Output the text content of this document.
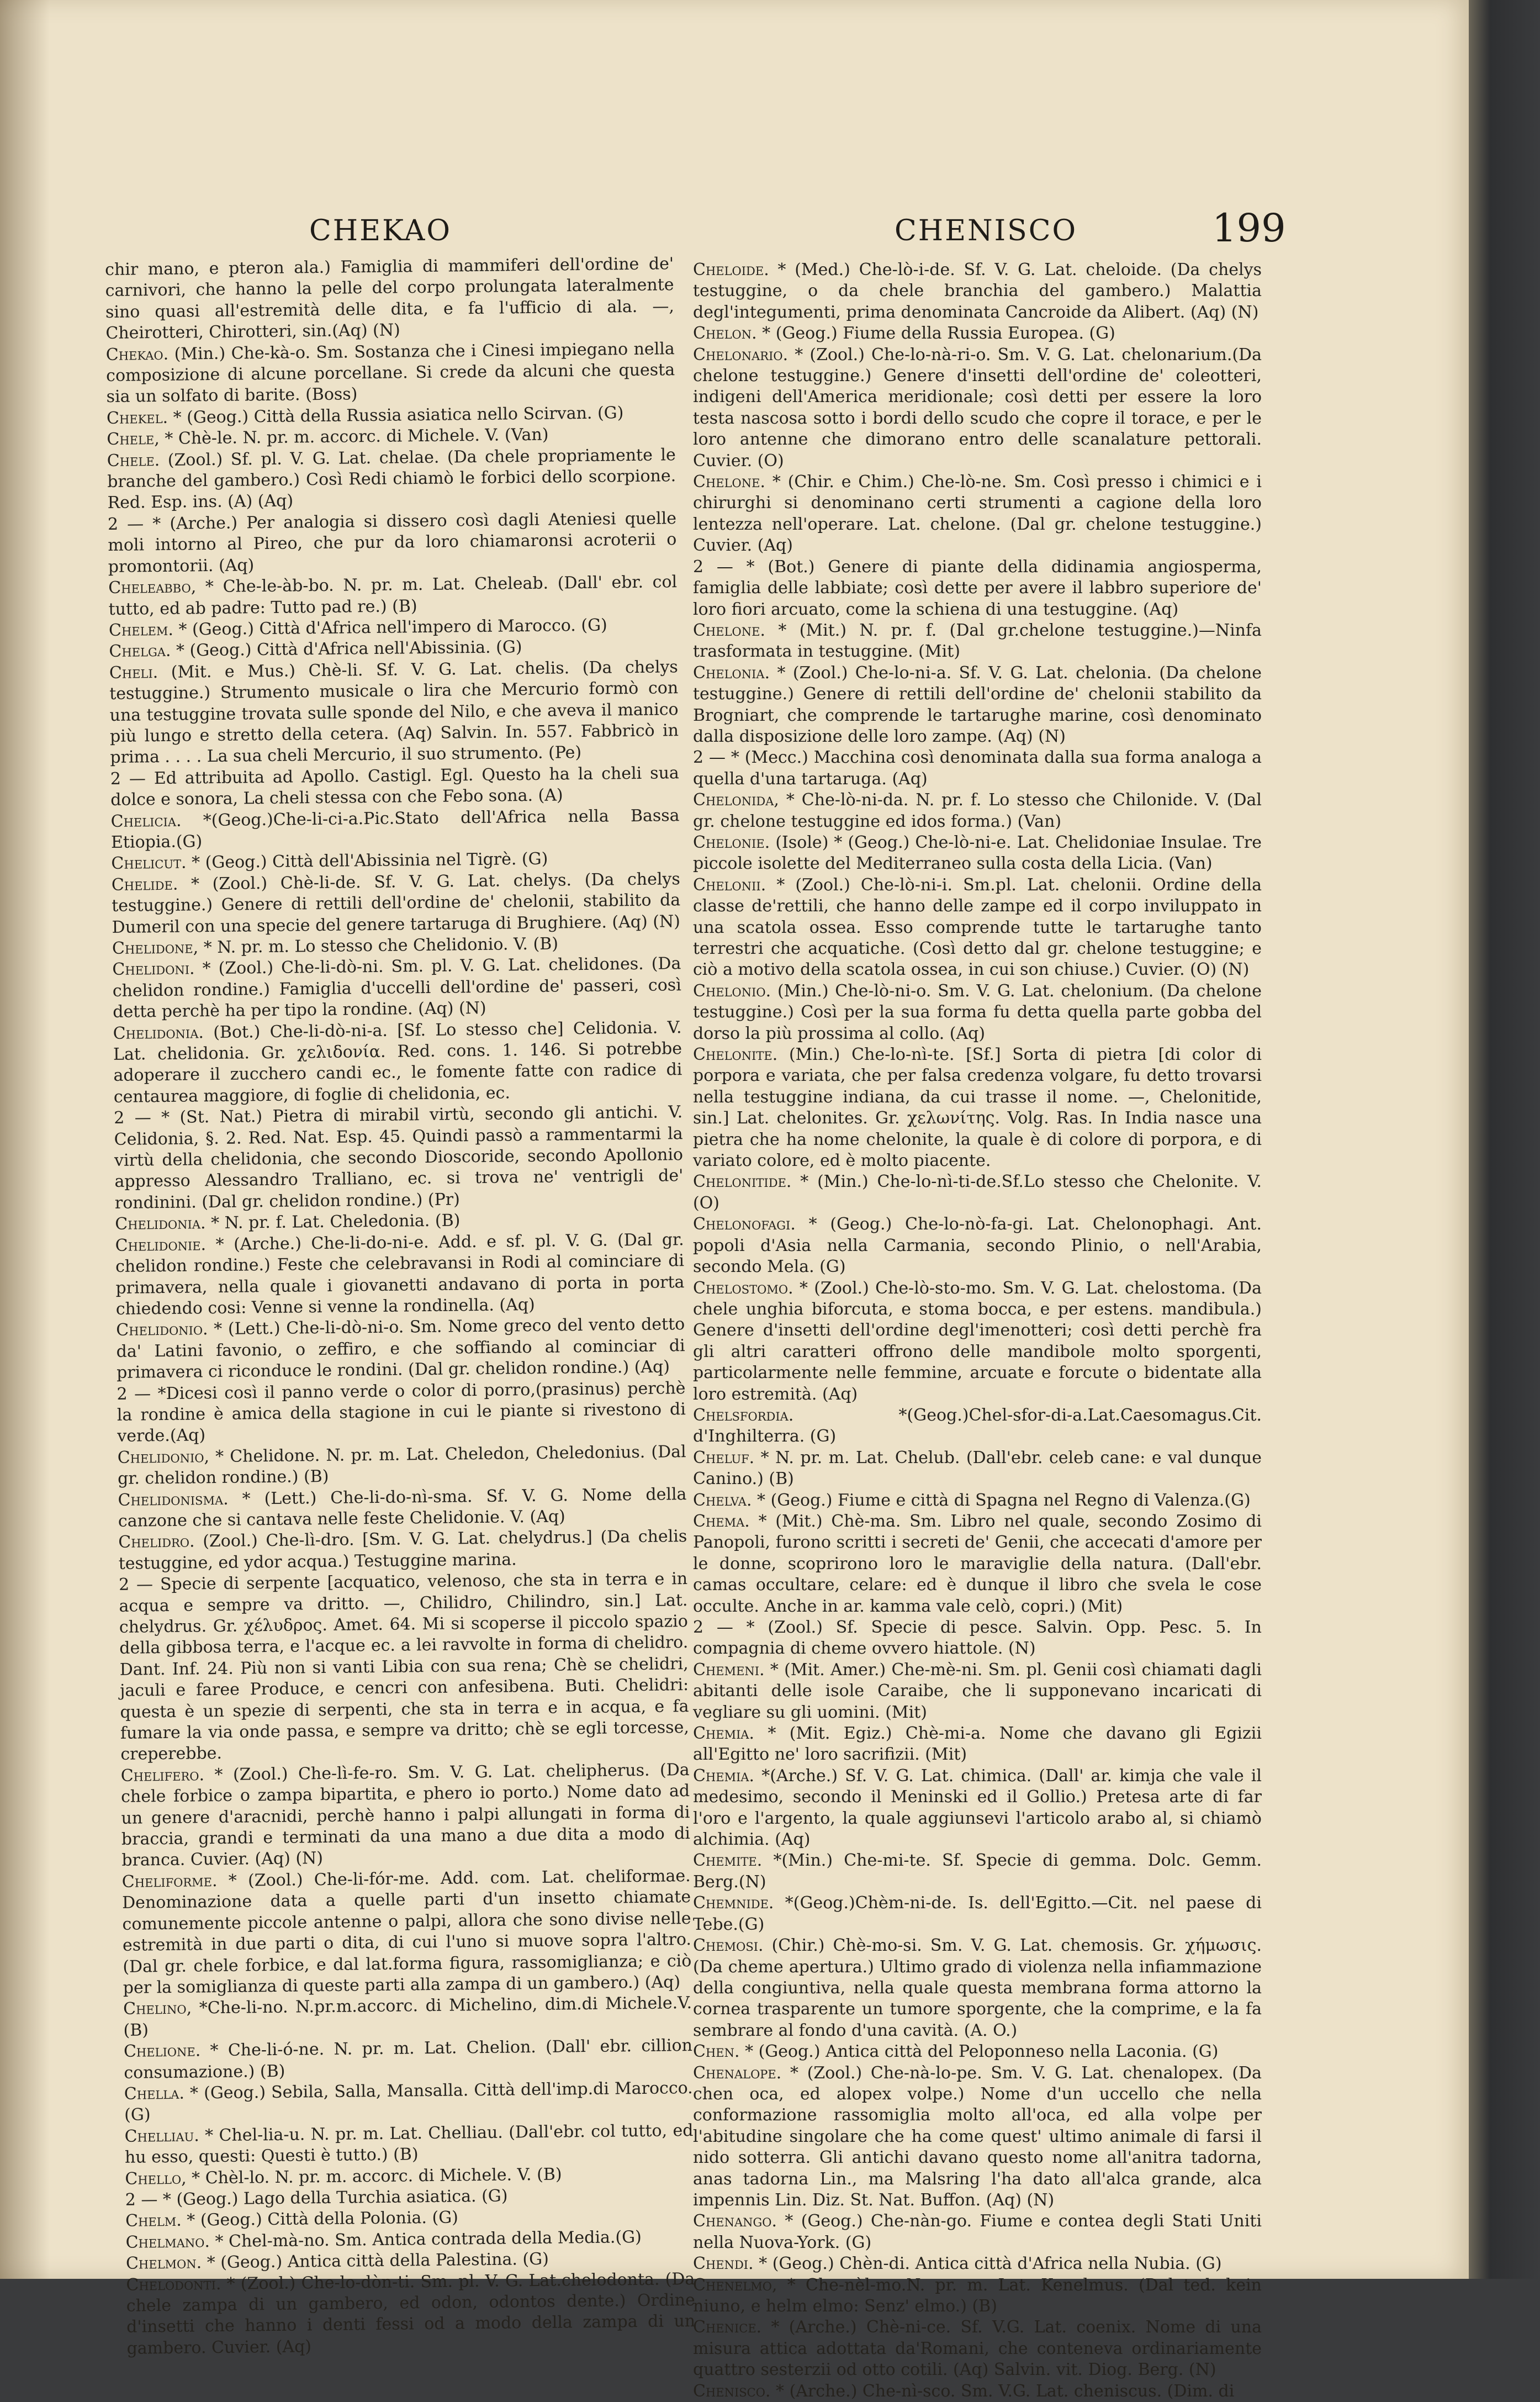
CHEKAO	CHENISCO	199

chir mano, e pteron ala.) Famiglia di mammiferi dell'ordine de' carnivori, che hanno la pelle del corpo prolungata lateralmente sino quasi all'estremità delle dita, e fa l'ufficio di ala. —, Cheirotteri, Chirotteri, sin.(Aq) (N)

Chekao. (Min.) Che-kà-o. Sm. Sostanza che i Cinesi impiegano nella composizione di alcune porcellane. Si crede da alcuni che questa sia un solfato di barite. (Boss)

Chekel. * (Geog.) Città della Russia asiatica nello Scirvan. (G)

Chele, * Chè-le. N. pr. m. accorc. di Michele. V. (Van)

Chele. (Zool.) Sf. pl. V. G. Lat. chelae. (Da chele propriamente le branche del gambero.) Così Redi chiamò le forbici dello scorpione. Red. Esp. ins. (A) (Aq)

2 — * (Arche.) Per analogia si dissero così dagli Ateniesi quelle moli intorno al Pireo, che pur da loro chiamaronsi acroterii o promontorii. (Aq)

Cheleabbo, * Che-le-àb-bo. N. pr. m. Lat. Cheleab. (Dall' ebr. col tutto, ed ab padre: Tutto pad re.) (B)

Chelem. * (Geog.) Città d'Africa nell'impero di Marocco. (G)

Chelga. * (Geog.) Città d'Africa nell'Abissinia. (G)

Cheli. (Mit. e Mus.) Chè-li. Sf. V. G. Lat. chelis. (Da chelys testuggine.) Strumento musicale o lira che Mercurio formò con una testuggine trovata sulle sponde del Nilo, e che aveva il manico più lungo e stretto della cetera. (Aq) Salvin. In. 557. Fabbricò in prima . . . . La sua cheli Mercurio, il suo strumento. (Pe)

2 — Ed attribuita ad Apollo. Castigl. Egl. Questo ha la cheli sua dolce e sonora, La cheli stessa con che Febo sona. (A)

Chelicia. *(Geog.)Che-li-ci-a.Pic.Stato dell'Africa nella Bassa Etiopia.(G)

Chelicut. * (Geog.) Città dell'Abissinia nel Tigrè. (G)

Chelide. * (Zool.) Chè-li-de. Sf. V. G. Lat. chelys. (Da chelys testuggine.) Genere di rettili dell'ordine de' chelonii, stabilito da Dumeril con una specie del genere tartaruga di Brughiere. (Aq) (N)

Chelidone, * N. pr. m. Lo stesso che Chelidonio. V. (B)

Chelidoni. * (Zool.) Che-li-dò-ni. Sm. pl. V. G. Lat. chelidones. (Da chelidon rondine.) Famiglia d'uccelli dell'ordine de' passeri, così detta perchè ha per tipo la rondine. (Aq) (N)

Chelidonia. (Bot.) Che-li-dò-ni-a. [Sf. Lo stesso che] Celidonia. V. Lat. chelidonia. Gr. χελιδονία. Red. cons. 1. 146. Si potrebbe adoperare il zucchero candi ec., le fomente fatte con radice di centaurea maggiore, di foglie di chelidonia, ec.

2 — * (St. Nat.) Pietra di mirabil virtù, secondo gli antichi. V. Celidonia, §. 2. Red. Nat. Esp. 45. Quindi passò a rammentarmi la virtù della chelidonia, che secondo Dioscoride, secondo Apollonio appresso Alessandro Tralliano, ec. si trova ne' ventrigli de' rondinini. (Dal gr. chelidon rondine.) (Pr)

Chelidonia. * N. pr. f. Lat. Cheledonia. (B)

Chelidonie. * (Arche.) Che-li-do-ni-e. Add. e sf. pl. V. G. (Dal gr. chelidon rondine.) Feste che celebravansi in Rodi al cominciare di primavera, nella quale i giovanetti andavano di porta in porta chiedendo cosi: Venne si venne la rondinella. (Aq)

Chelidonio. * (Lett.) Che-li-dò-ni-o. Sm. Nome greco del vento detto da' Latini favonio, o zeffiro, e che soffiando al cominciar di primavera ci riconduce le rondini. (Dal gr. chelidon rondine.) (Aq)

2 — *Dicesi così il panno verde o color di porro,(prasinus) perchè la rondine è amica della stagione in cui le piante si rivestono di verde.(Aq)

Chelidonio, * Chelidone. N. pr. m. Lat. Cheledon, Cheledonius. (Dal gr. chelidon rondine.) (B)

Chelidonisma. * (Lett.) Che-li-do-nì-sma. Sf. V. G. Nome della canzone che si cantava nelle feste Chelidonie. V. (Aq)

Chelidro. (Zool.) Che-lì-dro. [Sm. V. G. Lat. chelydrus.] (Da chelis testuggine, ed ydor acqua.) Testuggine marina.

2 — Specie di serpente [acquatico, velenoso, che sta in terra e in acqua e sempre va dritto. —, Chilidro, Chilindro, sin.] Lat. chelydrus. Gr. χέλυδρος. Amet. 64. Mi si scoperse il piccolo spazio della gibbosa terra, e l'acque ec. a lei ravvolte in forma di chelidro. Dant. Inf. 24. Più non si vanti Libia con sua rena; Chè se chelidri, jaculi e faree Produce, e cencri con anfesibena. Buti. Chelidri: questa è un spezie di serpenti, che sta in terra e in acqua, e fa fumare la via onde passa, e sempre va dritto; chè se egli torcesse, creperebbe.

Chelifero. * (Zool.) Che-lì-fe-ro. Sm. V. G. Lat. chelipherus. (Da chele forbice o zampa bipartita, e phero io porto.) Nome dato ad un genere d'aracnidi, perchè hanno i palpi allungati in forma di braccia, grandi e terminati da una mano a due dita a modo di branca. Cuvier. (Aq) (N)

Cheliforme. * (Zool.) Che-li-fór-me. Add. com. Lat. cheliformae. Denominazione data a quelle parti d'un insetto chiamate comunemente piccole antenne o palpi, allora che sono divise nelle estremità in due parti o dita, di cui l'uno si muove sopra l'altro. (Dal gr. chele forbice, e dal lat.forma figura, rassomiglianza; e ciò per la somiglianza di queste parti alla zampa di un gambero.) (Aq)

Chelino, *Che-li-no. N.pr.m.accorc. di Michelino, dim.di Michele.V.(B)

Chelione. * Che-li-ó-ne. N. pr. m. Lat. Chelion. (Dall' ebr. cillion consumazione.) (B)

Chella. * (Geog.) Sebila, Salla, Mansalla. Città dell'imp.di Marocco.(G)

Chelliau. * Chel-lia-u. N. pr. m. Lat. Chelliau. (Dall'ebr. col tutto, ed hu esso, questi: Questi è tutto.) (B)

Chello, * Chèl-lo. N. pr. m. accorc. di Michele. V. (B)

2 — * (Geog.) Lago della Turchia asiatica. (G)

Chelm. * (Geog.) Città della Polonia. (G)

Chelmano. * Chel-mà-no. Sm. Antica contrada della Media.(G)

Chelmon. * (Geog.) Antica città della Palestina. (G)

Chelodonti. * (Zool.) Che-lo-dòn-ti. Sm. pl. V. G. Lat.chelodonta. (Da chele zampa di un gambero, ed odon, odontos dente.) Ordine d'insetti che hanno i denti fessi od a modo della zampa di un gambero. Cuvier. (Aq)

Cheloide. * (Med.) Che-lò-i-de. Sf. V. G. Lat. cheloide. (Da chelys testuggine, o da chele branchia del gambero.) Malattia degl'integumenti, prima denominata Cancroide da Alibert. (Aq) (N)

Chelon. * (Geog.) Fiume della Russia Europea. (G)

Chelonario. * (Zool.) Che-lo-nà-ri-o. Sm. V. G. Lat. chelonarium.(Da chelone testuggine.) Genere d'insetti dell'ordine de' coleotteri, indigeni dell'America meridionale; così detti per essere la loro testa nascosa sotto i bordi dello scudo che copre il torace, e per le loro antenne che dimorano entro delle scanalature pettorali. Cuvier. (O)

Chelone. * (Chir. e Chim.) Che-lò-ne. Sm. Così presso i chimici e i chirurghi si denominano certi strumenti a cagione della loro lentezza nell'operare. Lat. chelone. (Dal gr. chelone testuggine.) Cuvier. (Aq)

2 — * (Bot.) Genere di piante della didinamia angiosperma, famiglia delle labbiate; così dette per avere il labbro superiore de' loro fiori arcuato, come la schiena di una testuggine. (Aq)

Chelone. * (Mit.) N. pr. f. (Dal gr.chelone testuggine.)—Ninfa trasformata in testuggine. (Mit)

Chelonia. * (Zool.) Che-lo-ni-a. Sf. V. G. Lat. chelonia. (Da chelone testuggine.) Genere di rettili dell'ordine de' chelonii stabilito da Brogniart, che comprende le tartarughe marine, così denominato dalla disposizione delle loro zampe. (Aq) (N)

2 — * (Mecc.) Macchina così denominata dalla sua forma analoga a quella d'una tartaruga. (Aq)

Chelonida, * Che-lò-ni-da. N. pr. f. Lo stesso che Chilonide. V. (Dal gr. chelone testuggine ed idos forma.) (Van)

Chelonie. (Isole) * (Geog.) Che-lò-ni-e. Lat. Chelidoniae Insulae. Tre piccole isolette del Mediterraneo sulla costa della Licia. (Van)

Chelonii. * (Zool.) Che-lò-ni-i. Sm.pl. Lat. chelonii. Ordine della classe de'rettili, che hanno delle zampe ed il corpo inviluppato in una scatola ossea. Esso comprende tutte le tartarughe tanto terrestri che acquatiche. (Così detto dal gr. chelone testuggine; e ciò a motivo della scatola ossea, in cui son chiuse.) Cuvier. (O) (N)

Chelonio. (Min.) Che-lò-ni-o. Sm. V. G. Lat. chelonium. (Da chelone testuggine.) Così per la sua forma fu detta quella parte gobba del dorso la più prossima al collo. (Aq)

Chelonite. (Min.) Che-lo-nì-te. [Sf.] Sorta di pietra [di color di porpora e variata, che per falsa credenza volgare, fu detto trovarsi nella testuggine indiana, da cui trasse il nome. —, Chelonitide, sin.] Lat. chelonites. Gr. χελωνίτης. Volg. Ras. In India nasce una pietra che ha nome chelonite, la quale è di colore di porpora, e di variato colore, ed è molto piacente.

Chelonitide. * (Min.) Che-lo-nì-ti-de.Sf.Lo stesso che Chelonite. V. (O)

Chelonofagi. * (Geog.) Che-lo-nò-fa-gi. Lat. Chelonophagi. Ant. popoli d'Asia nella Carmania, secondo Plinio, o nell'Arabia, secondo Mela. (G)

Chelostomo. * (Zool.) Che-lò-sto-mo. Sm. V. G. Lat. chelostoma. (Da chele unghia biforcuta, e stoma bocca, e per estens. mandibula.) Genere d'insetti dell'ordine degl'imenotteri; così detti perchè fra gli altri caratteri offrono delle mandibole molto sporgenti, particolarmente nelle femmine, arcuate e forcute o bidentate alla loro estremità. (Aq)

Chelsfordia.	*(Geog.)Chel-sfor-di-a.Lat.Caesomagus.Cit. d'Inghilterra. (G)

Cheluf. * N. pr. m. Lat. Chelub. (Dall'ebr. celeb cane: e val dunque Canino.) (B)

Chelva. * (Geog.) Fiume e città di Spagna nel Regno di Valenza.(G)

Chema. * (Mit.) Chè-ma. Sm. Libro nel quale, secondo Zosimo di Panopoli, furono scritti i secreti de' Genii, che accecati d'amore per le donne, scoprirono loro le maraviglie della natura. (Dall'ebr. camas occultare, celare: ed è dunque il libro che svela le cose occulte. Anche in ar. kamma vale celò, copri.) (Mit)

2 — * (Zool.) Sf. Specie di pesce. Salvin. Opp. Pesc. 5. In compagnia di cheme ovvero hiattole. (N)

Chemeni. * (Mit. Amer.) Che-mè-ni. Sm. pl. Genii così chiamati dagli abitanti delle isole Caraibe, che li supponevano incaricati di vegliare su gli uomini. (Mit)

Chemia. * (Mit. Egiz.) Chè-mi-a. Nome che davano gli Egizii all'Egitto ne' loro sacrifizii. (Mit)

Chemia. *(Arche.) Sf. V. G. Lat. chimica. (Dall' ar. kimja che vale il medesimo, secondo il Meninski ed il Gollio.) Pretesa arte di far l'oro e l'argento, la quale aggiunsevi l'articolo arabo al, si chiamò alchimia. (Aq)

Chemite. *(Min.) Che-mi-te. Sf. Specie di gemma. Dolc. Gemm. Berg.(N)

Chemnide. *(Geog.)Chèm-ni-de. Is. dell'Egitto.—Cit. nel paese di Tebe.(G)

Chemosi. (Chir.) Chè-mo-si. Sm. V. G. Lat. chemosis. Gr. χήμωσις. (Da cheme apertura.) Ultimo grado di violenza nella infiammazione della congiuntiva, nella quale questa membrana forma attorno la cornea trasparente un tumore sporgente, che la comprime, e la fa sembrare al fondo d'una cavità. (A. O.)

Chen. * (Geog.) Antica città del Peloponneso nella Laconia. (G)

Chenalope. * (Zool.) Che-nà-lo-pe. Sm. V. G. Lat. chenalopex. (Da chen oca, ed alopex volpe.) Nome d'un uccello che nella conformazione rassomiglia molto all'oca, ed alla volpe per l'abitudine singolare che ha come quest' ultimo animale di farsi il nido sotterra. Gli antichi davano questo nome all'anitra tadorna, anas tadorna Lin., ma Malsring l'ha dato all'alca grande, alca impennis Lin. Diz. St. Nat. Buffon. (Aq) (N)

Chenango. * (Geog.) Che-nàn-go. Fiume e contea degli Stati Uniti nella Nuova-York. (G)

Chendi. * (Geog.) Chèn-di. Antica città d'Africa nella Nubia. (G)

Chenelmo, * Che-nèl-mo.N. pr. m. Lat. Kenelmus. (Dal ted. kein niuno, e helm elmo: Senz' elmo.) (B)

Chenice. * (Arche.) Chè-ni-ce. Sf. V.G. Lat. coenix. Nome di una misura attica adottata da'Romani, che conteneva ordinariamente quattro sesterzii od otto cotili. (Aq) Salvin. vit. Diog. Berg. (N)

Chenisco. * (Arche.) Che-nì-sco. Sm. V.G. Lat. cheniscus. (Dim. di
